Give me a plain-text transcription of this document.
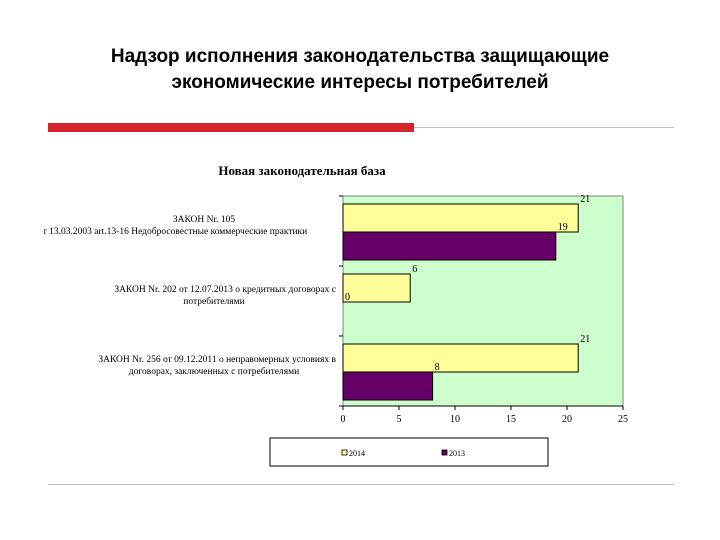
Надзор исполнения законодательства защищающие
экономические интересы потребителей
Новая законодательная база
21
19
ЗАКОН Nr. 105
от 13.03.2003 art.13-16 Недобросовестные коммерческие практики
6
0
ЗАКОН Nr. 202 от 12.07.2013 о кредитных договорах с
потребителями
21
8
ЗАКОН Nr. 256 от 09.12.2011 о неправомерных условиях в
договорах, заключенных с потребителями
0	5	10	15	20	25
2014	2013
